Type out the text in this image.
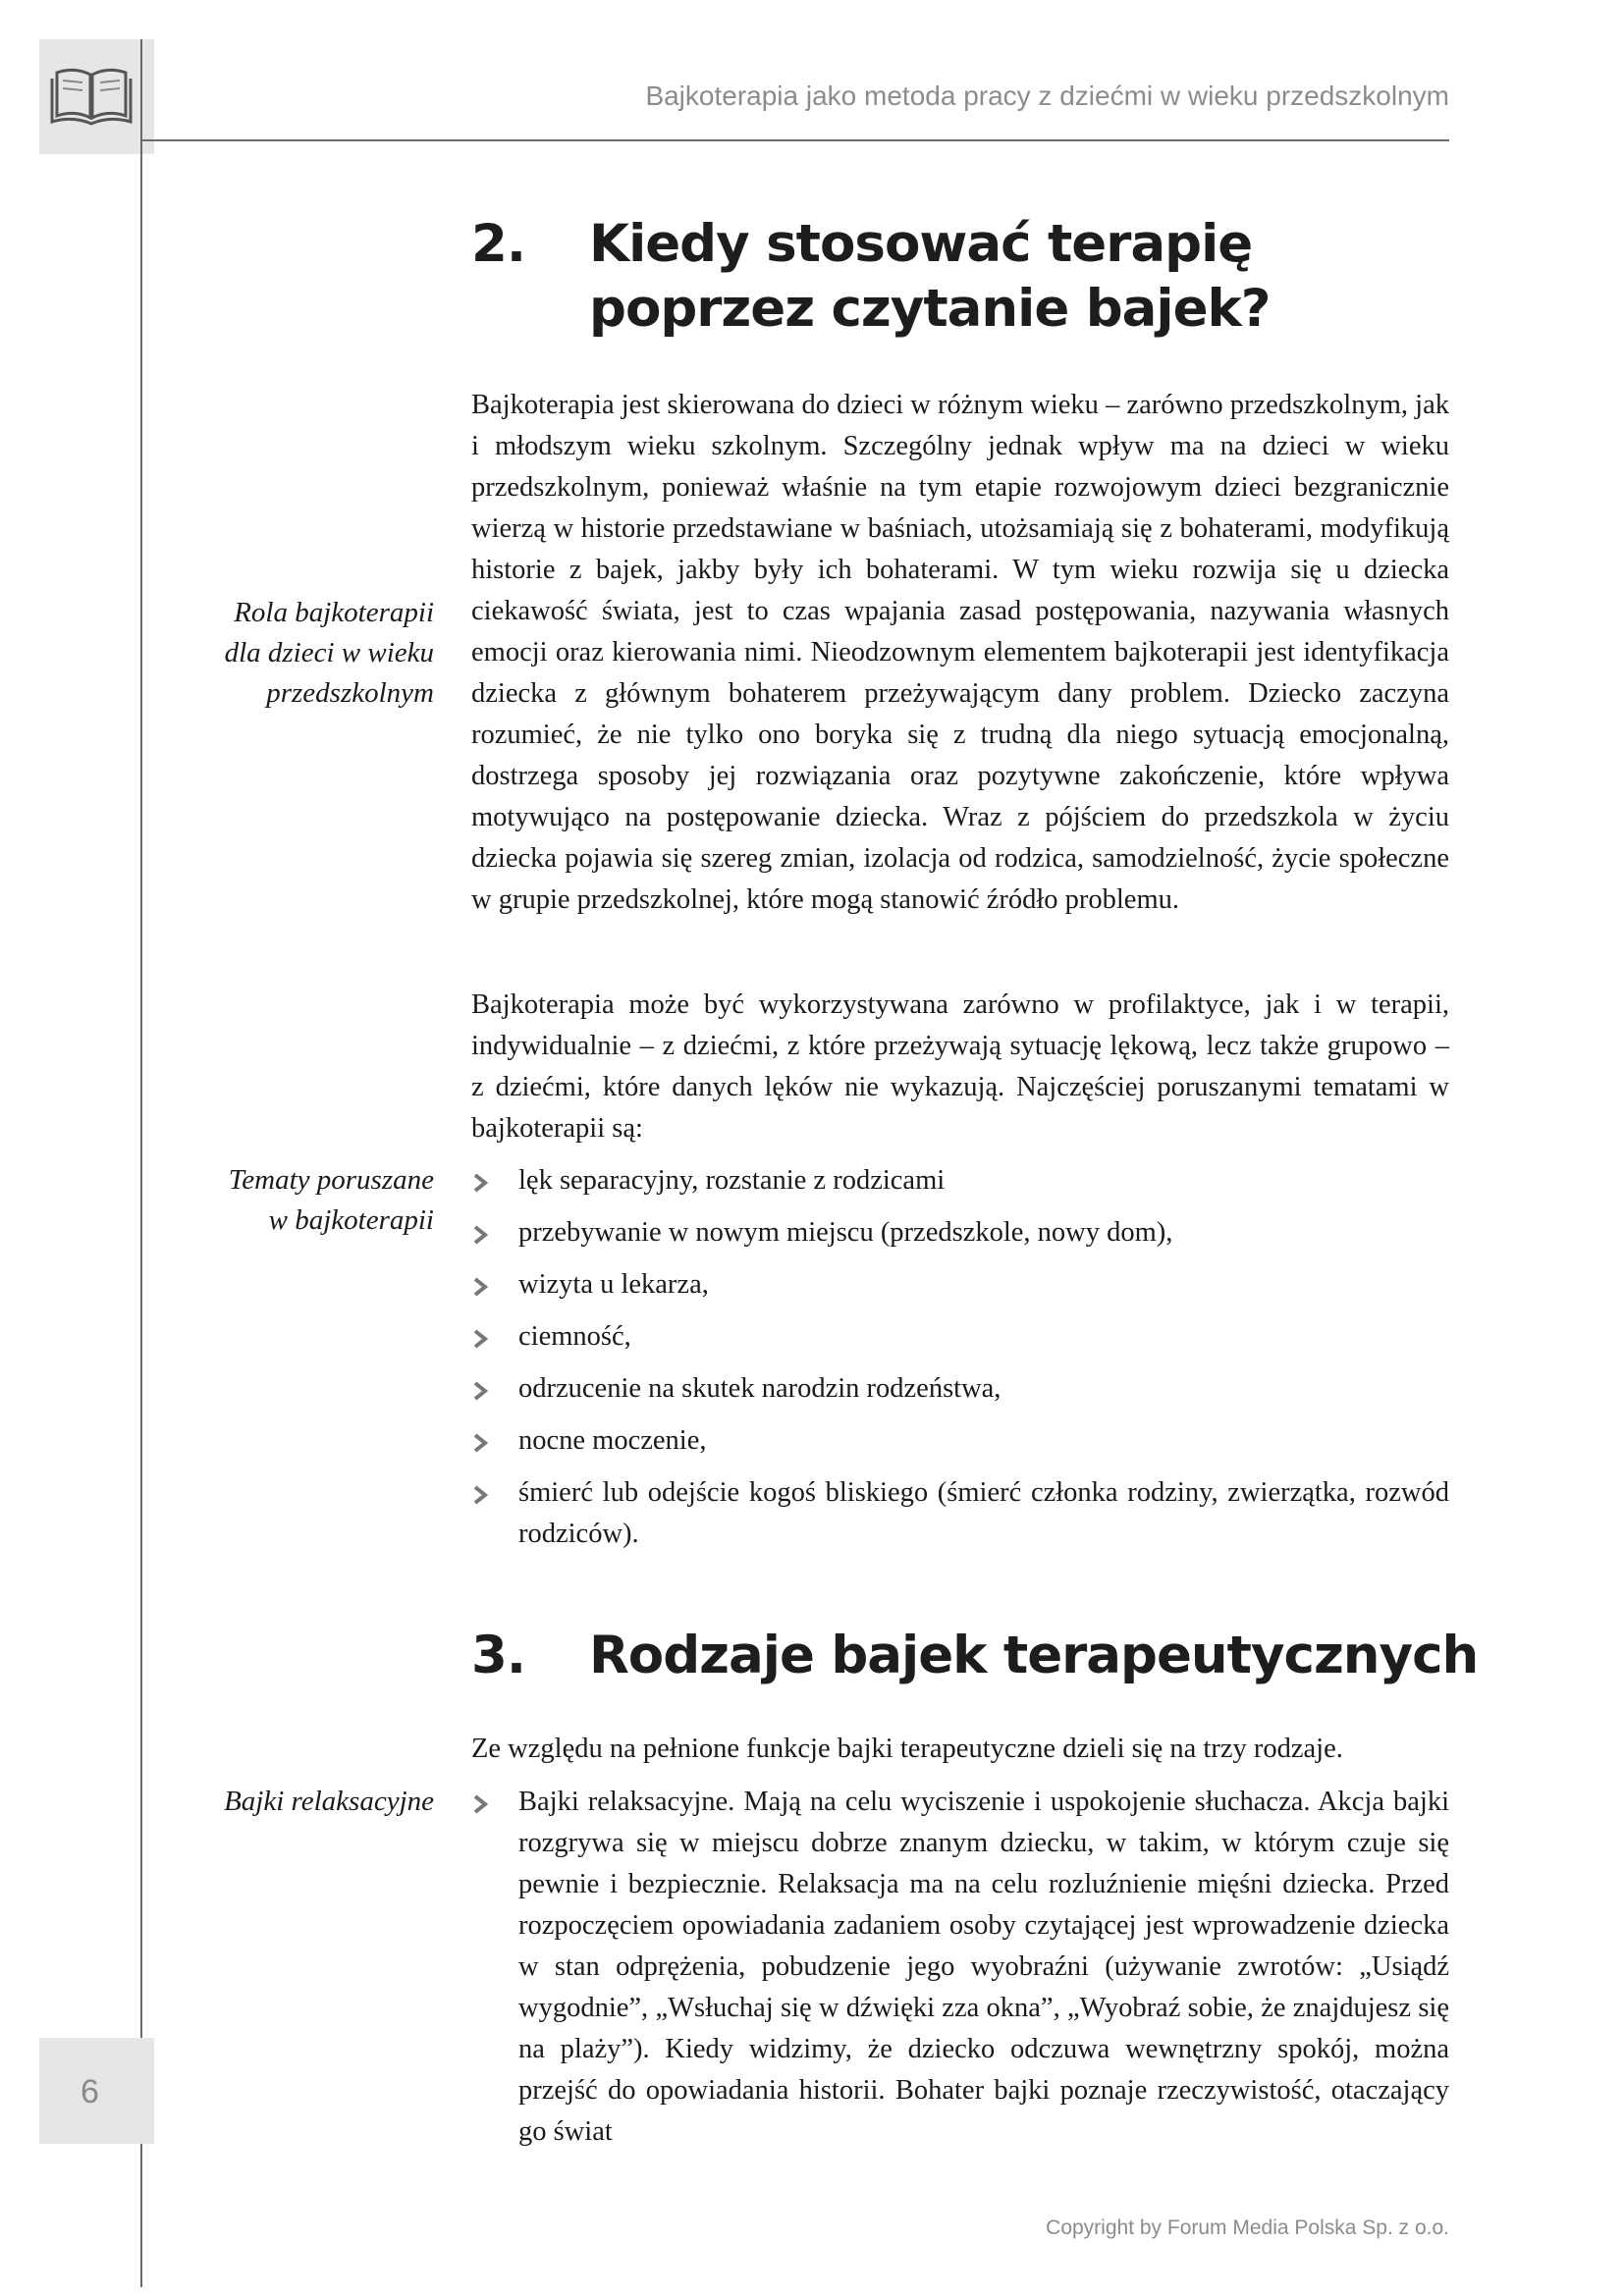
Bajkoterapia jako metoda pracy z dziećmi w wieku przedszkolnym
2. Kiedy stosować terapię
poprzez czytanie bajek?

Bajkoterapia jest skierowana do dzieci w różnym wieku – zarówno przedszkolnym, jak i młodszym wieku szkolnym. Szczególny jednak wpływ ma na dzieci w wieku przedszkolnym, ponieważ właśnie na tym etapie rozwojowym dzieci bezgranicznie wierzą w historie przedstawiane w baśniach, utożsamiają się z bohaterami, modyfikują historie z bajek, jakby były ich bohaterami. W tym wieku rozwija się u dziecka ciekawość świata, jest to czas wpajania zasad postępowania, nazywania własnych emocji oraz kierowania nimi. Nieodzownym elementem bajkoterapii jest identyfikacja dziecka z głównym bohaterem przeżywającym dany problem. Dziecko zaczyna rozumieć, że nie tylko ono boryka się z trudną dla niego sytuacją emocjonalną, dostrzega sposoby jej rozwiązania oraz pozytywne zakończenie, które wpływa motywująco na postępowanie dziecka. Wraz z pójściem do przedszkola w życiu dziecka pojawia się szereg zmian, izolacja od rodzica, samodzielność, życie społeczne w grupie przedszkolnej, które mogą stanowić źródło problemu.

Rola bajkoterapii
dla dzieci w wieku
przedszkolnym

Bajkoterapia może być wykorzystywana zarówno w profilaktyce, jak i w terapii, indywidualnie – z dziećmi, z które przeżywają sytuację lękową, lecz także grupowo – z dziećmi, które danych lęków nie wykazują. Najczęściej poruszanymi tematami w bajkoterapii są:

Tematy poruszane
w bajkoterapii
lęk separacyjny, rozstanie z rodzicami
przebywanie w nowym miejscu (przedszkole, nowy dom),
wizyta u lekarza,
ciemność,
odrzucenie na skutek narodzin rodzeństwa,
nocne moczenie,
śmierć lub odejście kogoś bliskiego (śmierć członka rodziny, zwierzątka, rozwód rodziców).
3. Rodzaje bajek terapeutycznych

Ze względu na pełnione funkcje bajki terapeutyczne dzieli się na trzy rodzaje.

Bajki relaksacyjne	Bajki relaksacyjne. Mają na celu wyciszenie i uspokojenie słuchacza. Akcja bajki rozgrywa się w miejscu dobrze znanym dziecku, w takim, w którym czuje się pewnie i bezpiecznie. Relaksacja ma na celu rozluźnienie mięśni dziecka. Przed rozpoczęciem opowiadania zadaniem osoby czytającej jest wprowadzenie dziecka w stan odprężenia, pobudzenie jego wyobraźni (używanie zwrotów: „Usiądź wygodnie”, „Wsłuchaj się w dźwięki zza okna”, „Wyobraź sobie, że znajdujesz się na plaży”). Kiedy widzimy, że dziecko odczuwa wewnętrzny spokój, można przejść do opowiadania historii. Bohater bajki poznaje rzeczywistość, otaczający go świat
6
Copyright by Forum Media Polska Sp. z o.o.
